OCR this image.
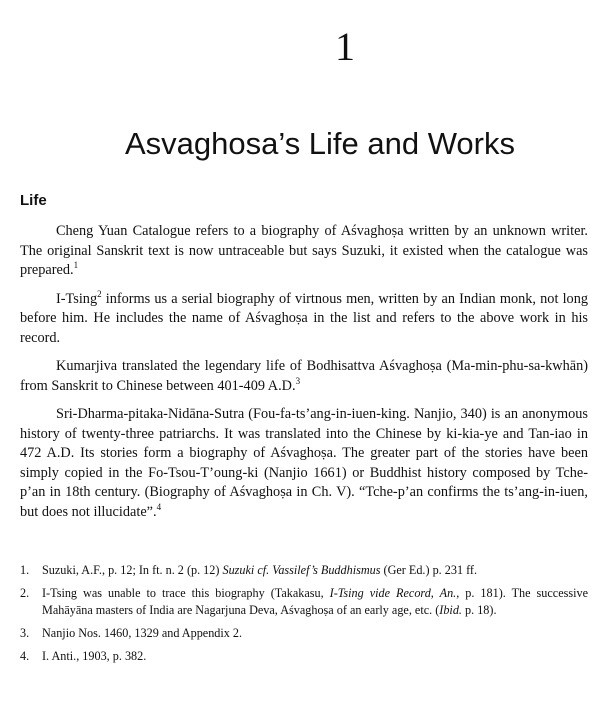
1
Asvaghosa’s Life and Works
Life

Cheng Yuan Catalogue refers to a biography of Aśvaghoṣa written by an unknown writer. The original Sanskrit text is now untraceable but says Suzuki, it existed when the catalogue was prepared.$^1$

I-Tsing$^2$ informs us a serial biography of virtnous men, written by an Indian monk, not long before him. He includes the name of Aśvaghoṣa in the list and refers to the above work in his record.

Kumarjiva translated the legendary life of Bodhisattva Aśvaghoṣa (Ma-min-phu-sa-kwhān) from Sanskrit to Chinese between 401-409 A.D.$^3$

Sri-Dharma-pitaka-Nidāna-Sutra (Fou-fa-ts’ang-in-iuen-king. Nanjio, 340) is an anonymous history of twenty-three patriarchs. It was translated into the Chinese by ki-kia-ye and Tan-iao in 472 A.D. Its stories form a biography of Aśvaghoṣa. The greater part of the stories have been simply copied in the Fo-Tsou-T’oung-ki (Nanjio 1661) or Buddhist history composed by Tche-p’an in 18th century. (Biography of Aśvaghoṣa in Ch. V). “Tche-p’an confirms the ts’ang-in-iuen, but does not illucidate”.$^4$

1.	Suzuki, A.F., p. 12; In ft. n. 2 (p. 12) Suzuki cf. Vassilef’s Buddhismus (Ger Ed.) p. 231 ff.
2.	I-Tsing was unable to trace this biography (Takakasu, I-Tsing vide Record, An., p. 181). The successive Mahāyāna masters of India are Nagarjuna Deva, Aśvaghoṣa of an early age, etc. (Ibid. p. 18).
3.	Nanjio Nos. 1460, 1329 and Appendix 2.
4.	I. Anti., 1903, p. 382.
